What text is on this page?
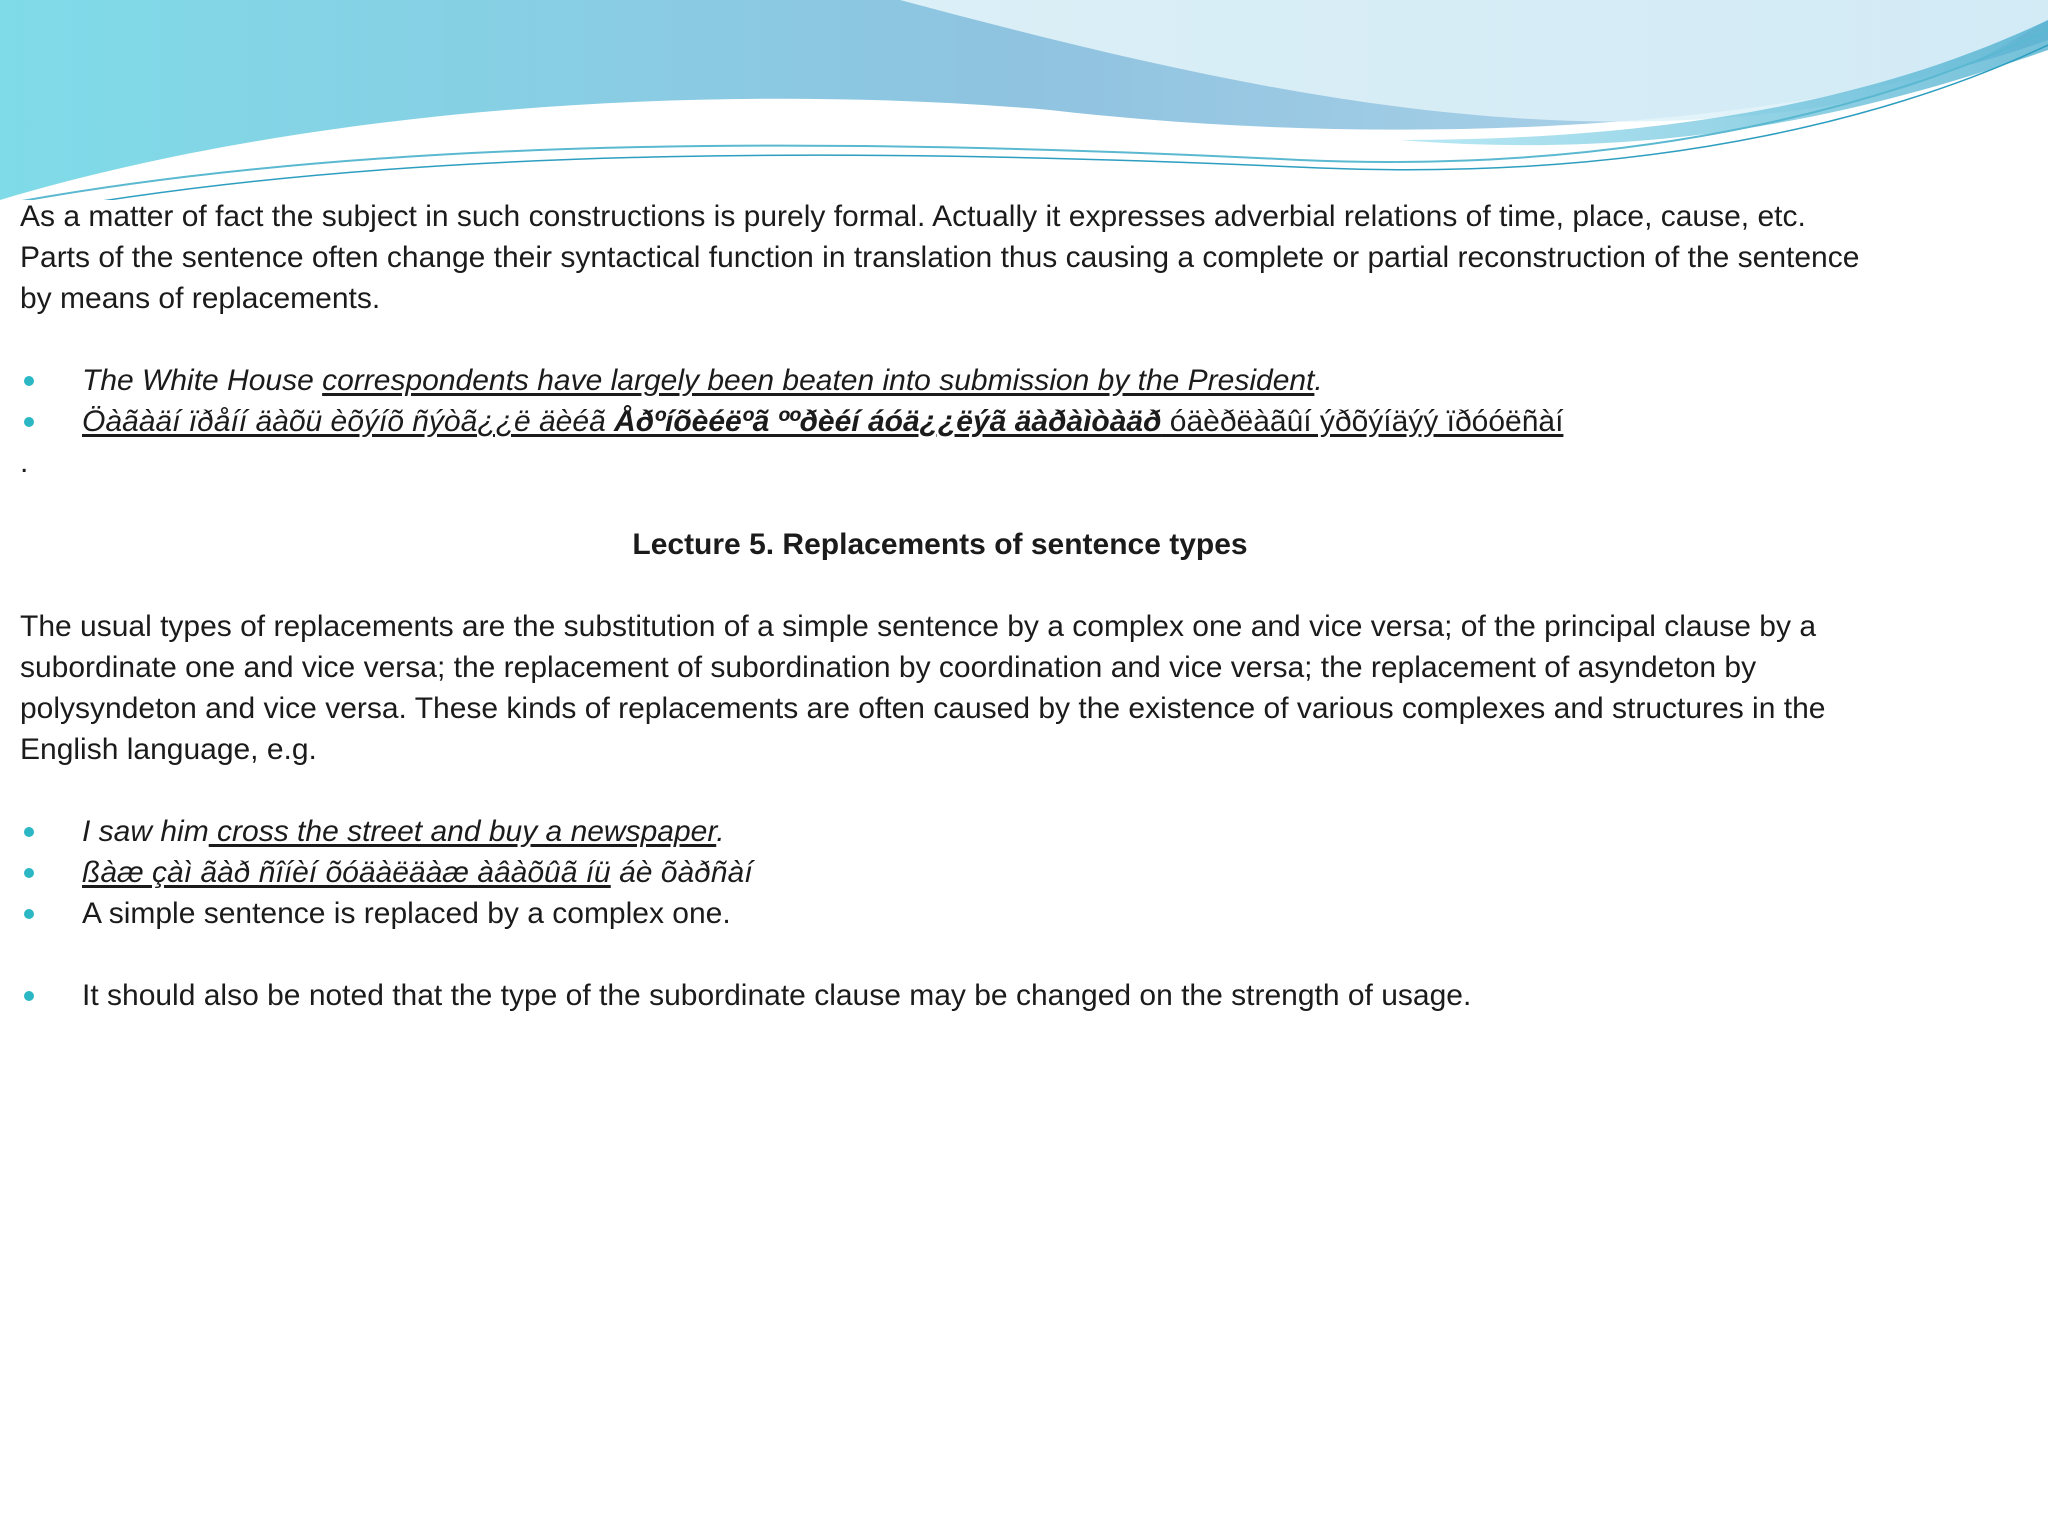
As a matter of fact the subject in such constructions is purely formal. Actually it expresses adverbial relations of time, place, cause, etc.

Parts of the sentence often change their syntactical function in translation thus causing a complete or partial reconstruction of the sentence by means of replacements.

The White House correspondents have largely been beaten into submission by the President.
Öàãàäí ïðåíí äàõü èõýíõ ñýòã¿¿ë äèéã Åðºíõèéëºã ººðèéí áóä¿¿ëýã äàðàìòàäð óäèðëàãûí ýðõýíäýý ïðóóëñàí

.

Lecture 5. Replacements of sentence types

The usual types of replacements are the substitution of a simple sentence by a complex one and vice versa; of the principal clause by a subordinate one and vice versa; the replacement of subordination by coordination and vice versa; the replacement of asyndeton by polysyndeton and vice versa. These kinds of replacements are often caused by the existence of various complexes and structures in the English language, e.g.

I saw him cross the street and buy a newspaper.
ßàæ çàì ãàð ñîíèí õóäàëäàæ àâàõûã íü áè õàðñàí
A simple sentence is replaced by a complex one.
It should also be noted that the type of the subordinate clause may be changed on the strength of usage.
